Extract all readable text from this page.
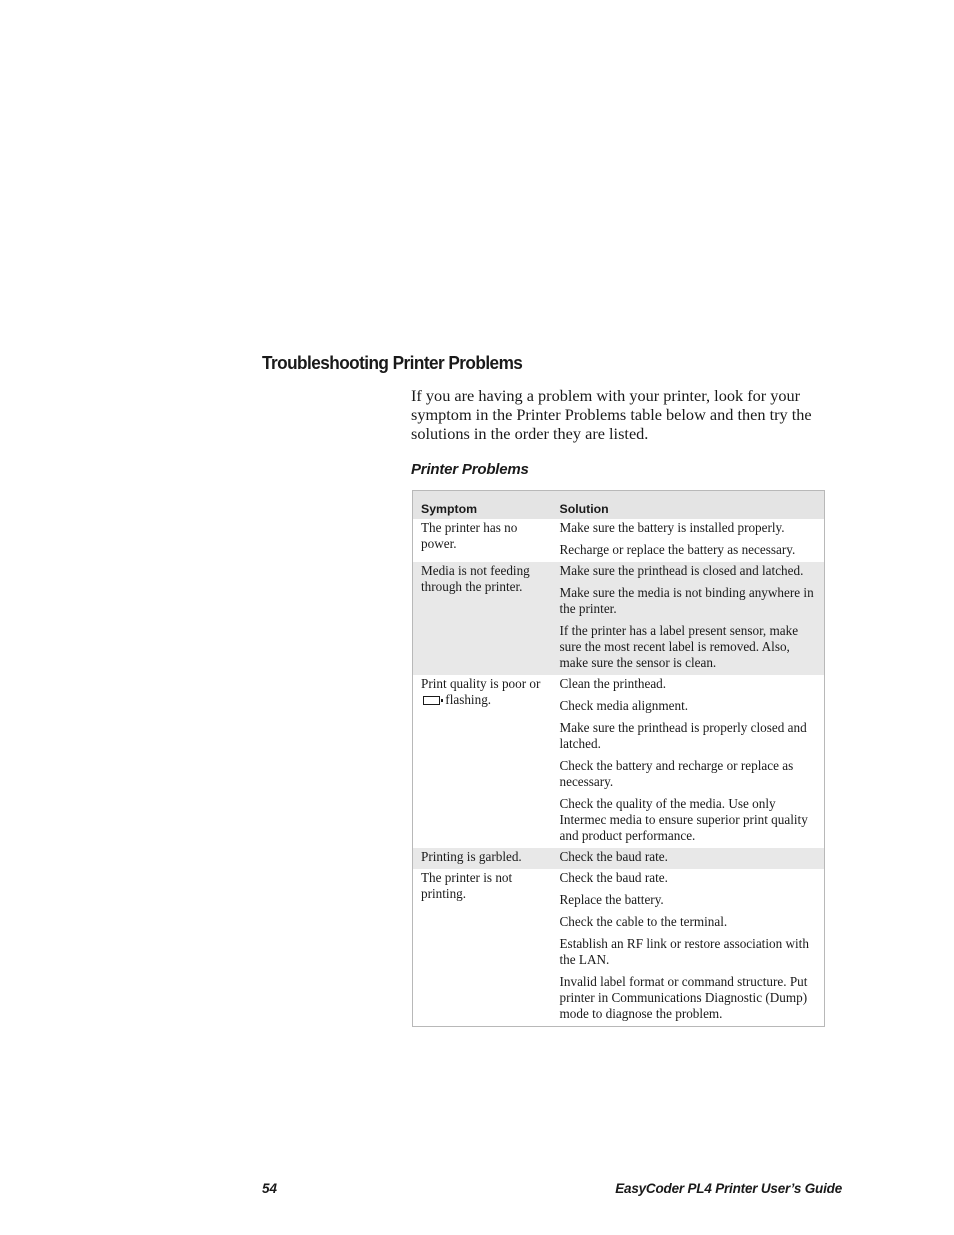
Troubleshooting Printer Problems

If you are having a problem with your printer, look for your symptom in the Printer Problems table below and then try the solutions in the order they are listed.

Printer Problems
Symptom	Solution
The printer has no power.	Make sure the battery is installed properly.
Recharge or replace the battery as necessary.

Media is not feeding through the printer.	Make sure the printhead is closed and latched.
Make sure the media is not binding anywhere in the printer.
If the printer has a label present sensor, make sure the most recent label is removed. Also, make sure the sensor is clean.

Print quality is poor or  flashing.	Clean the printhead.
Check media alignment.
Make sure the printhead is properly closed and latched.
Check the battery and recharge or replace as necessary.
Check the quality of the media. Use only Intermec media to ensure superior print quality and product performance.

Printing is garbled.	Check the baud rate.

The printer is not printing.	Check the baud rate.
Replace the battery.
Check the cable to the terminal.
Establish an RF link or restore association with the LAN.
Invalid label format or command structure. Put printer in Communications Diagnostic (Dump) mode to diagnose the problem.
54	EasyCoder PL4 Printer User’s Guide
